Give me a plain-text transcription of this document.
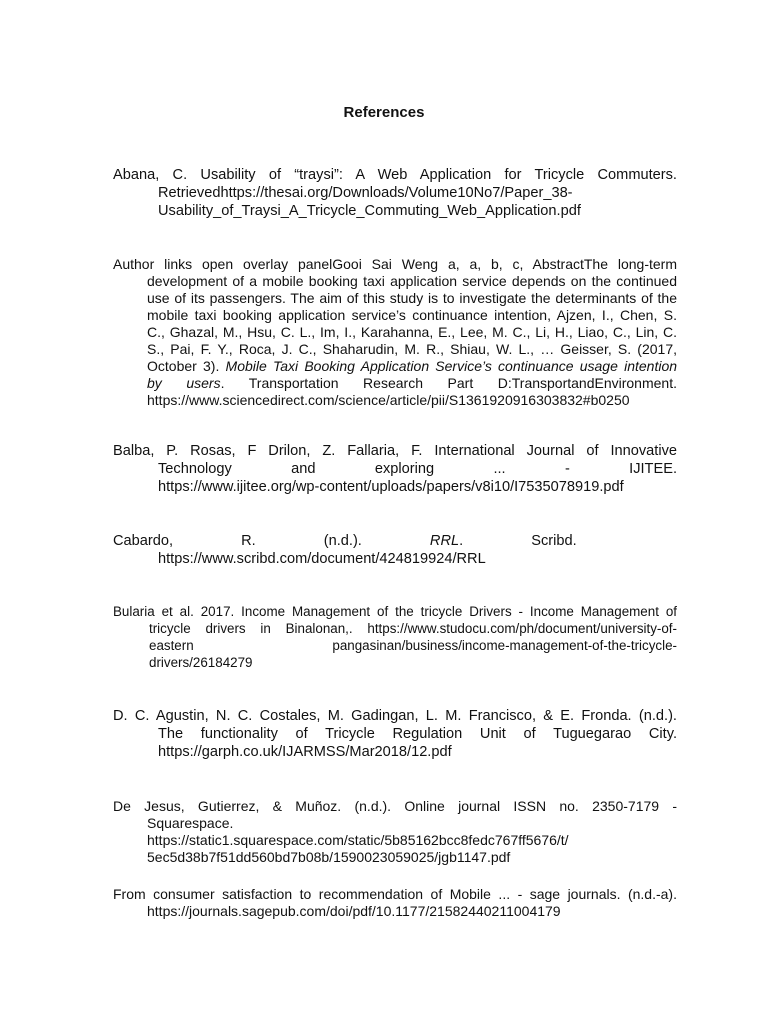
References
Abana, C. Usability of “traysi”: A Web Application for Tricycle Commuters.
Retrievedhttps://thesai.org/Downloads/Volume10No7/Paper_38-
Usability_of_Traysi_A_Tricycle_Commuting_Web_Application.pdf
Author links open overlay panelGooi Sai Weng a, a, b, c, AbstractThe long-term
development of a mobile booking taxi application service depends on the continued
use of its passengers. The aim of this study is to investigate the determinants of the
mobile taxi booking application service’s continuance intention, Ajzen, I., Chen, S.
C., Ghazal, M., Hsu, C. L., Im, I., Karahanna, E., Lee, M. C., Li, H., Liao, C., Lin, C.
S., Pai, F. Y., Roca, J. C., Shaharudin, M. R., Shiau, W. L., … Geisser, S. (2017,
October 3). Mobile Taxi Booking Application Service’s continuance usage intention
by users. Transportation Research Part D:TransportandEnvironment.
https://www.sciencedirect.com/science/article/pii/S1361920916303832#b0250
Balba, P. Rosas, F Drilon, Z. Fallaria, F. International Journal of Innovative
Technology and exploring ... - IJITEE.
https://www.ijitee.org/wp-content/uploads/papers/v8i10/I7535078919.pdf
Cabardo, R. (n.d.). RRL. Scribd.
https://www.scribd.com/document/424819924/RRL
Bularia et al. 2017. Income Management of the tricycle Drivers - Income Management of
tricycle drivers in Binalonan,. https://www.studocu.com/ph/document/university-of-
eastern pangasinan/business/income-management-of-the-tricycle-
drivers/26184279
D. C. Agustin, N. C. Costales, M. Gadingan, L. M. Francisco, & E. Fronda. (n.d.).
The functionality of Tricycle Regulation Unit of Tuguegarao City.
https://garph.co.uk/IJARMSS/Mar2018/12.pdf
De Jesus, Gutierrez, & Muñoz. (n.d.). Online journal ISSN no. 2350-7179 -
Squarespace.
https://static1.squarespace.com/static/5b85162bcc8fedc767ff5676/t/
5ec5d38b7f51dd560bd7b08b/1590023059025/jgb1147.pdf
From consumer satisfaction to recommendation of Mobile ... - sage journals. (n.d.-a).
https://journals.sagepub.com/doi/pdf/10.1177/21582440211004179
